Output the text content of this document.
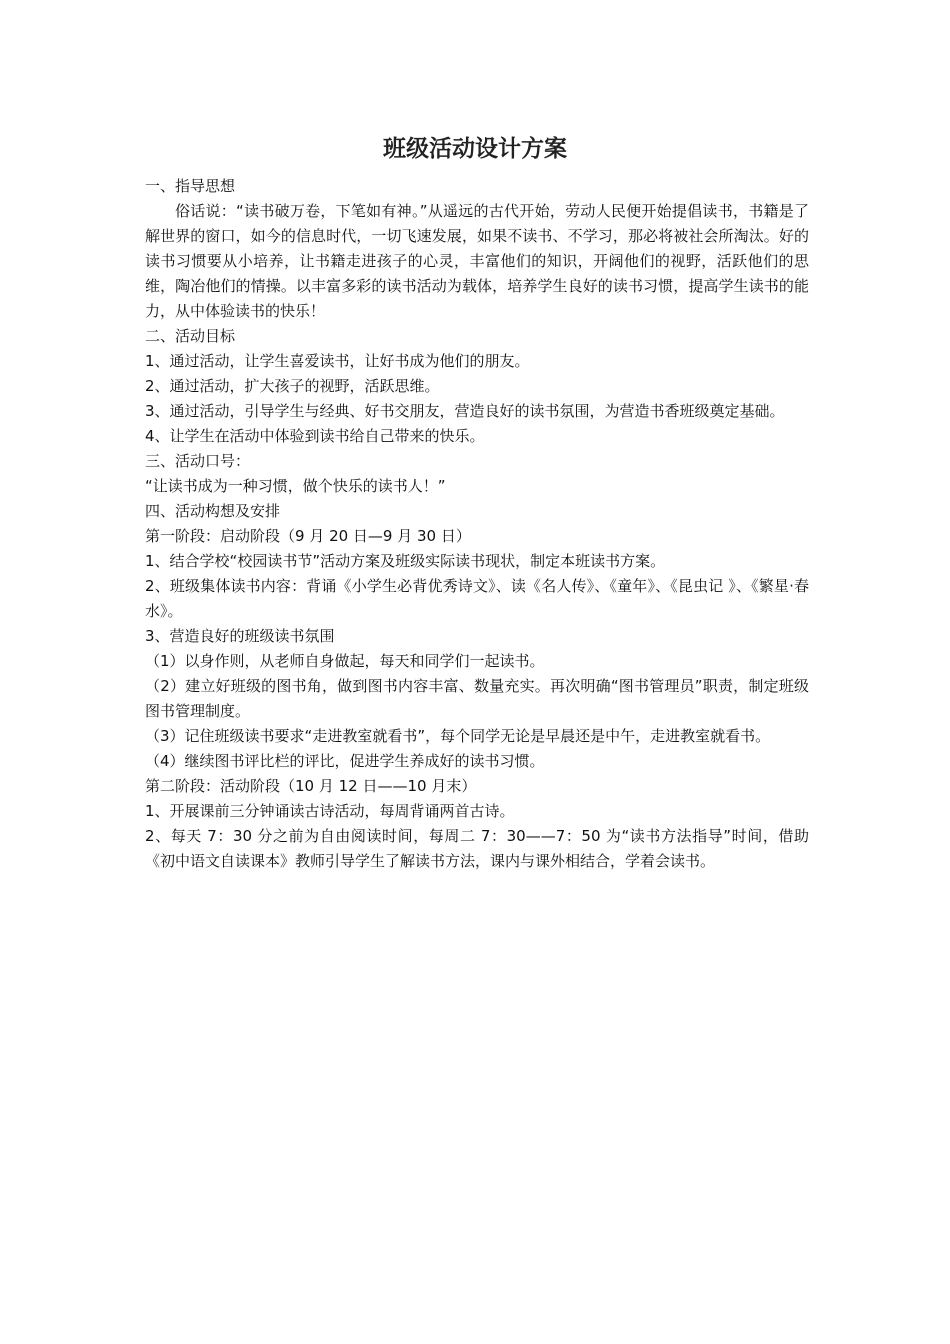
班级活动设计方案

一、指导思想

俗话说：“读书破万卷，下笔如有神。”从遥远的古代开始，劳动人民便开始提倡读书，书籍是了解世界的窗口，如今的信息时代，一切飞速发展，如果不读书、不学习，那必将被社会所淘汰。好的读书习惯要从小培养，让书籍走进孩子的心灵，丰富他们的知识，开阔他们的视野，活跃他们的思维，陶冶他们的情操。以丰富多彩的读书活动为载体，培养学生良好的读书习惯，提高学生读书的能力，从中体验读书的快乐！

二、活动目标

1、通过活动，让学生喜爱读书，让好书成为他们的朋友。

2、通过活动，扩大孩子的视野，活跃思维。

3、通过活动，引导学生与经典、好书交朋友，营造良好的读书氛围，为营造书香班级奠定基础。

4、让学生在活动中体验到读书给自己带来的快乐。

三、活动口号：

“让读书成为一种习惯，做个快乐的读书人！”

四、活动构想及安排

第一阶段：启动阶段（9 月 20 日—9 月 30 日）

1、结合学校“校园读书节”活动方案及班级实际读书现状，制定本班读书方案。

2、班级集体读书内容：背诵《小学生必背优秀诗文》、读《名人传》、《童年》、《昆虫记 》、《繁星·春水》。

3、营造良好的班级读书氛围

（1）以身作则，从老师自身做起，每天和同学们一起读书。

（2）建立好班级的图书角，做到图书内容丰富、数量充实。再次明确“图书管理员”职责，制定班级图书管理制度。

（3）记住班级读书要求“走进教室就看书”，每个同学无论是早晨还是中午，走进教室就看书。

（4）继续图书评比栏的评比，促进学生养成好的读书习惯。

第二阶段：活动阶段（10 月 12 日——10 月末）

1、开展课前三分钟诵读古诗活动，每周背诵两首古诗。

2、每天 7：30 分之前为自由阅读时间，每周二 7：30——7：50 为“读书方法指导”时间，借助《初中语文自读课本》教师引导学生了解读书方法，课内与课外相结合，学着会读书。
